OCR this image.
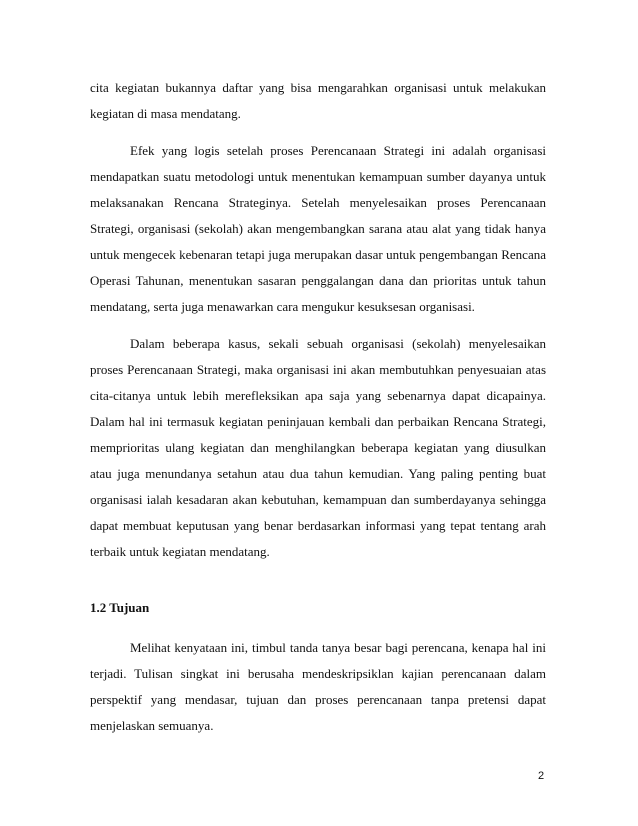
cita kegiatan bukannya daftar yang bisa mengarahkan organisasi untuk melakukan kegiatan di masa mendatang.

Efek yang logis setelah proses Perencanaan Strategi ini adalah organisasi mendapatkan suatu metodologi untuk menentukan kemampuan sumber dayanya untuk melaksanakan Rencana Strateginya. Setelah menyelesaikan proses Perencanaan Strategi, organisasi (sekolah) akan mengembangkan sarana atau alat yang tidak hanya untuk mengecek kebenaran tetapi juga merupakan dasar untuk pengembangan Rencana Operasi Tahunan, menentukan sasaran penggalangan dana dan prioritas untuk tahun mendatang, serta juga menawarkan cara mengukur kesuksesan organisasi.

Dalam beberapa kasus, sekali sebuah organisasi (sekolah) menyelesaikan proses Perencanaan Strategi, maka organisasi ini akan membutuhkan penyesuaian atas cita-citanya untuk lebih merefleksikan apa saja yang sebenarnya dapat dicapainya. Dalam hal ini termasuk kegiatan peninjauan kembali dan perbaikan Rencana Strategi, memprioritas ulang kegiatan dan menghilangkan beberapa kegiatan yang diusulkan atau juga menundanya setahun atau dua tahun kemudian. Yang paling penting buat organisasi ialah kesadaran akan kebutuhan, kemampuan dan sumberdayanya sehingga dapat membuat keputusan yang benar berdasarkan informasi yang tepat tentang arah terbaik untuk kegiatan mendatang.

1.2 Tujuan

Melihat kenyataan ini, timbul tanda tanya besar bagi perencana, kenapa hal ini terjadi. Tulisan singkat ini berusaha mendeskripsiklan kajian perencanaan dalam perspektif yang mendasar, tujuan dan proses perencanaan tanpa pretensi dapat menjelaskan semuanya.

2
